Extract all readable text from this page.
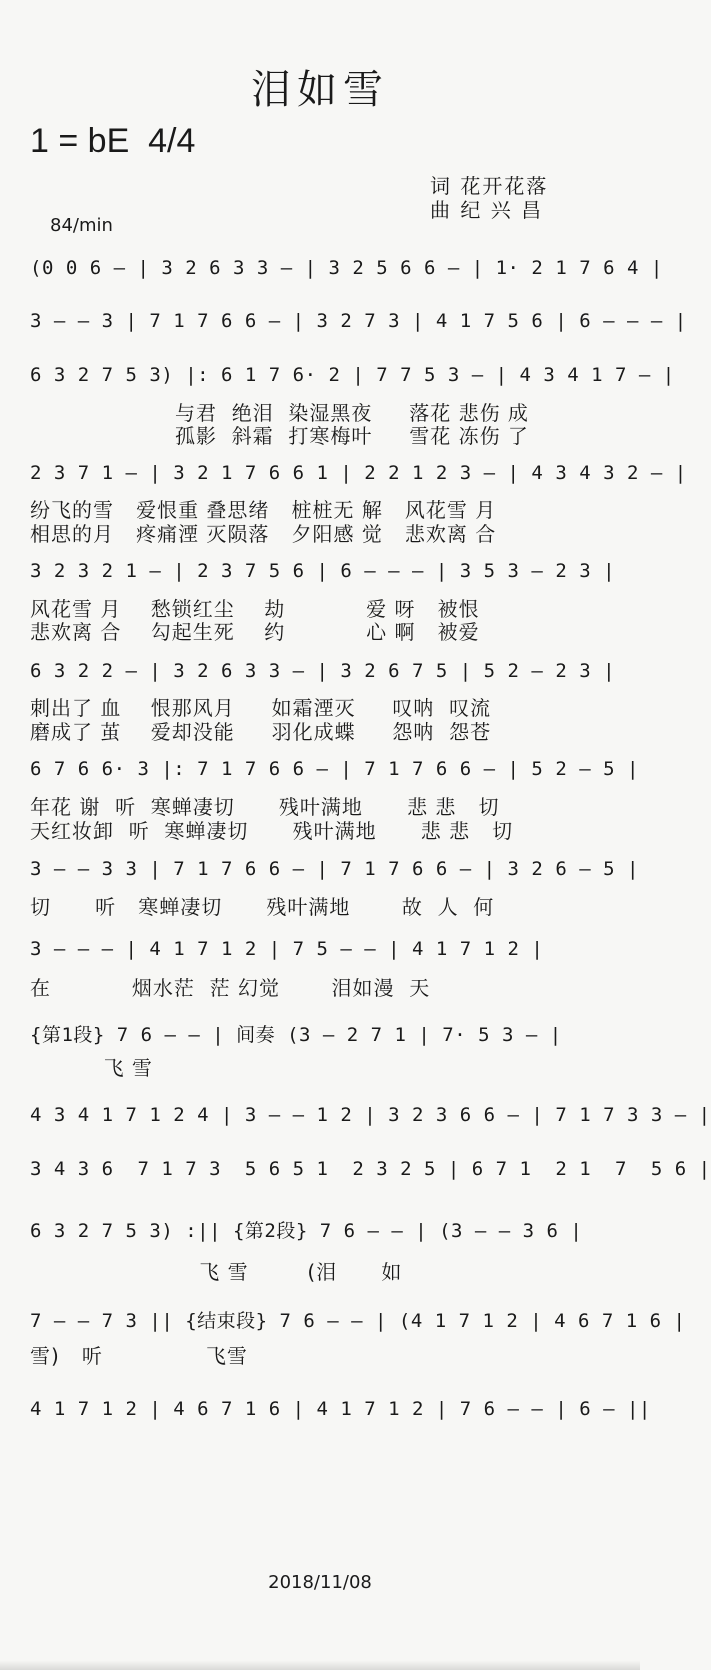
泪如雪
1 = bE  4/4
词 花开花落
曲 纪 兴 昌
84/min
(0 0 6 – | 3 2 6 3 3 – | 3 2 5 6 6 – | 1· 2 1 7 6 4 |
3 – – 3 | 7 1 7 6 6 – | 3 2 7 3 | 4 1 7 5 6 | 6 – – – |
6 3 2 7 5 3) |: 6 1 7 6· 2 | 7 7 5 3 – | 4 3 4 1 7 – |
与君  绝泪  染湿黑夜     落花 悲伤 成
孤影  斜霜  打寒梅叶     雪花 冻伤 了
2 3 7 1 – | 3 2 1 7 6 6 1 | 2 2 1 2 3 – | 4 3 4 3 2 – |
纷飞的雪   爱恨重 叠思绪   桩桩无 解   风花雪 月
相思的月   疼痛湮 灭陨落   夕阳感 觉   悲欢离 合
3 2 3 2 1 – | 2 3 7 5 6 | 6 – – – | 3 5 3 – 2 3 |
风花雪 月    愁锁红尘    劫           爱 呀   被恨
悲欢离 合    勾起生死    约           心 啊   被爱
6 3 2 2 – | 3 2 6 3 3 – | 3 2 6 7 5 | 5 2 – 2 3 |
刺出了 血    恨那风月     如霜湮灭     叹呐  叹流
磨成了 茧    爱却没能     羽化成蝶     怨呐  怨苍
6 7 6 6· 3 |: 7 1 7 6 6 – | 7 1 7 6 6 – | 5 2 – 5 |
年花 谢  听  寒蝉凄切      残叶满地      悲 悲   切
天红妆卸  听  寒蝉凄切      残叶满地      悲 悲   切
3 – – 3 3 | 7 1 7 6 6 – | 7 1 7 6 6 – | 3 2 6 – 5 |
切      听   寒蝉凄切      残叶满地       故  人  何
3 – – – | 4 1 7 1 2 | 7 5 – – | 4 1 7 1 2 |
在           烟水茫  茫 幻觉       泪如漫  天
{第1段} 7 6 – – | 间奏 (3 – 2 7 1 | 7· 5 3 – |
飞 雪
4 3 4 1 7 1 2 4 | 3 – – 1 2 | 3 2 3 6 6 – | 7 1 7 3 3 – |
3 4 3 6  7 1 7 3  5 6 5 1  2 3 2 5 | 6 7 1  2 1  7  5 6 |
6 3 2 7 5 3) :|| {第2段} 7 6 – – | (3 – – 3 6 |
飞 雪        (泪      如
7 – – 7 3 || {结束段} 7 6 – – | (4 1 7 1 2 | 4 6 7 1 6 |
雪)   听              飞雪
4 1 7 1 2 | 4 6 7 1 6 | 4 1 7 1 2 | 7 6 – – | 6 – ||
2018/11/08
